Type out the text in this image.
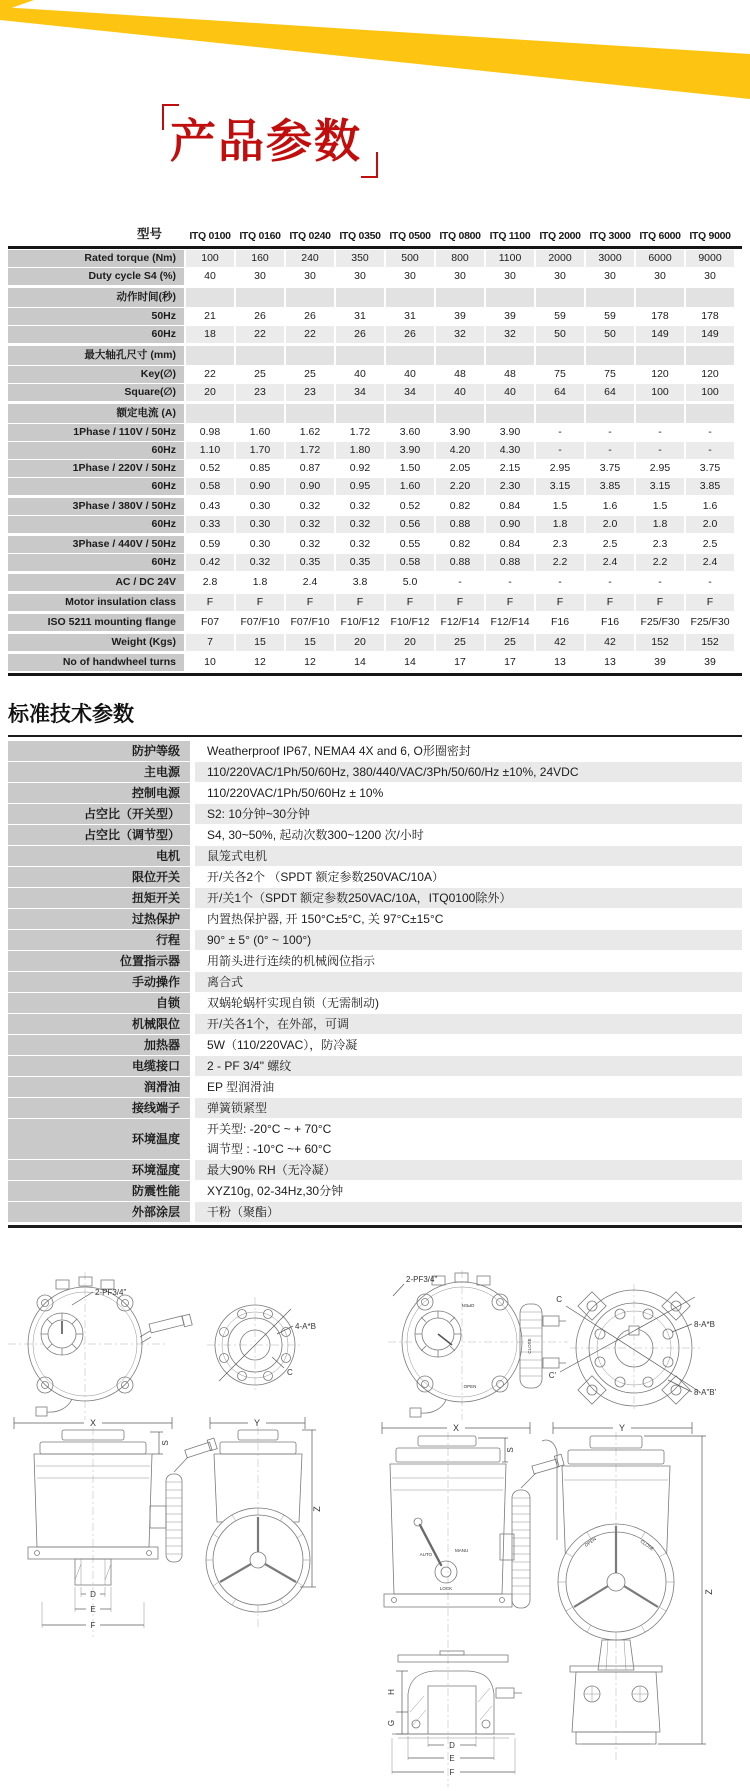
产品参数
型号	ITQ 0100 ITQ 0160 ITQ 0240 ITQ 0350 ITQ 0500 ITQ 0800 ITQ 1100 ITQ 2000 ITQ 3000 ITQ 6000 ITQ 9000
Rated torque (Nm)	100	160	240	350	500	800	1100	2000	3000	6000	9000
Duty cycle S4 (%)	40	30	30	30	30	30	30	30	30	30	30
动作时间(秒)
50Hz	21	26	26	31	31	39	39	59	59	178	178
60Hz	18	22	22	26	26	32	32	50	50	149	149
最大轴孔尺寸 (mm)
Key(∅)	22	25	25	40	40	48	48	75	75	120	120
Square(∅)	20	23	23	34	34	40	40	64	64	100	100
额定电流 (A)
1Phase / 110V / 50Hz	0.98	1.60	1.62	1.72	3.60	3.90	3.90	-	-	-	-
60Hz	1.10	1.70	1.72	1.80	3.90	4.20	4.30	-	-	-	-
1Phase / 220V / 50Hz	0.52	0.85	0.87	0.92	1.50	2.05	2.15	2.95	3.75	2.95	3.75
60Hz	0.58	0.90	0.90	0.95	1.60	2.20	2.30	3.15	3.85	3.15	3.85
3Phase / 380V / 50Hz	0.43	0.30	0.32	0.32	0.52	0.82	0.84	1.5	1.6	1.5	1.6
60Hz	0.33	0.30	0.32	0.32	0.56	0.88	0.90	1.8	2.0	1.8	2.0
3Phase / 440V / 50Hz	0.59	0.30	0.32	0.32	0.55	0.82	0.84	2.3	2.5	2.3	2.5
60Hz	0.42	0.32	0.35	0.35	0.58	0.88	0.88	2.2	2.4	2.2	2.4
AC / DC 24V	2.8	1.8	2.4	3.8	5.0	-	-	-	-	-	-
Motor insulation class	F	F	F	F	F	F	F	F	F	F	F
ISO 5211 mounting flange	F07	F07/F10	F07/F10	F10/F12	F10/F12	F12/F14	F12/F14	F16	F16	F25/F30	F25/F30
Weight (Kgs)	7	15	15	20	20	25	25	42	42	152	152
No of handwheel turns	10	12	12	14	14	17	17	13	13	39	39
标准技术参数
防护等级	Weatherproof IP67, NEMA4 4X and 6, O形圈密封
主电源	110/220VAC/1Ph/50/60Hz, 380/440/VAC/3Ph/50/60/Hz ±10%, 24VDC
控制电源	110/220VAC/1Ph/50/60Hz ± 10%
占空比（开关型）	S2: 10分钟~30分钟
占空比（调节型）	S4, 30~50%, 起动次数300~1200 次/小时
电机	鼠笼式电机
限位开关	开/关各2个 （SPDT 额定参数250VAC/10A）
扭矩开关	开/关1个（SPDT 额定参数250VAC/10A，ITQ0100除外）
过热保护	内置热保护器, 开 150°C±5°C, 关 97°C±15°C
行程	90° ± 5° (0° ~ 100°)
位置指示器	用箭头进行连续的机械阀位指示
手动操作	离合式
自锁	双蜗轮蜗杆实现自锁（无需制动)
机械限位	开/关各1个，在外部，可调
加热器	5W（110/220VAC），防冷凝
电缆接口	2 - PF 3/4" 螺纹
润滑油	EP 型润滑油
接线端子	弹簧锁紧型
环境温度
开关型: -20°C ~ + 70°C
调节型 : -10°C ~+ 60°C
环境湿度	最大90% RH（无冷凝）
防震性能	XYZ10g, 02-34Hz,30分钟
外部涂层	干粉（聚酯）
2-PF3/4"
4-A*B
C
X
S
D
E
F
Y
Z
OPEN
OPEN
CLOSE
2-PF3/4"
C
C'
8-A*B
8-A"B'
X
S
AUTO
MANU
LOCK
H
G
D
E
F
Y
OPEN	CLOSE
Z
